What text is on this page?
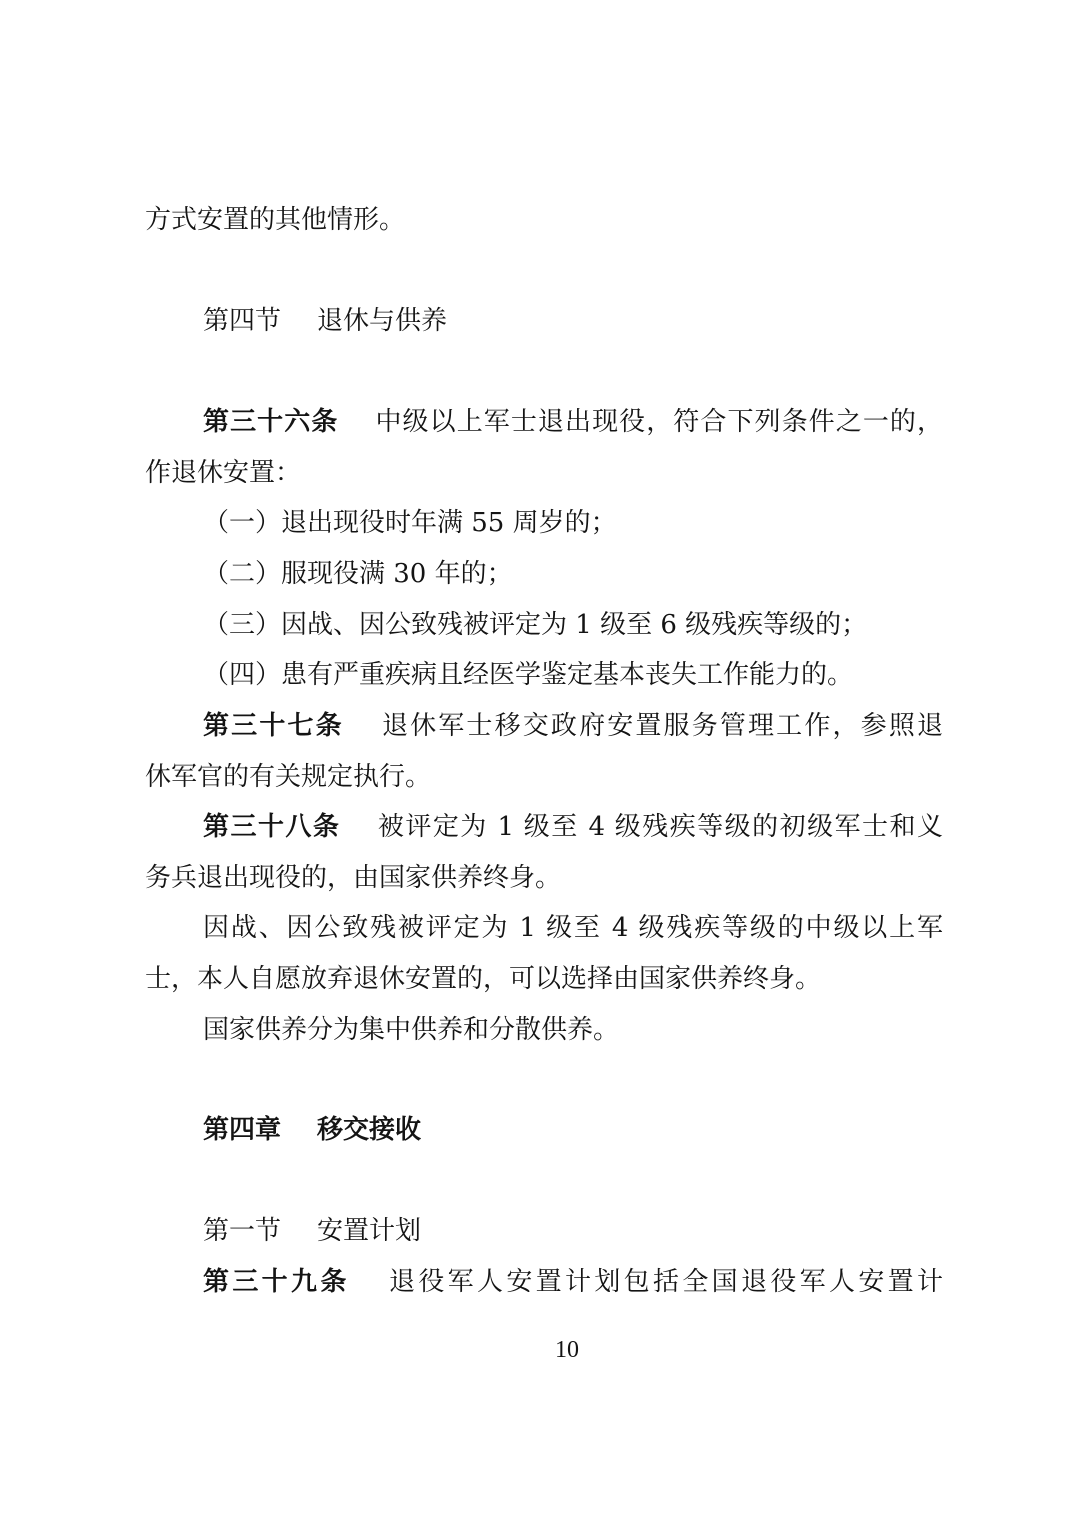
方式安置的其他情形。
第四节 退休与供养
第三十六条 中级以上军士退出现役，符合下列条件之一的，
作退休安置：
（一）退出现役时年满 55 周岁的；
（二）服现役满 30 年的；
（三）因战、因公致残被评定为 1 级至 6 级残疾等级的；
（四）患有严重疾病且经医学鉴定基本丧失工作能力的。
第三十七条 退休军士移交政府安置服务管理工作，参照退
休军官的有关规定执行。
第三十八条 被评定为 1 级至 4 级残疾等级的初级军士和义
务兵退出现役的，由国家供养终身。
因战、因公致残被评定为 1 级至 4 级残疾等级的中级以上军
士，本人自愿放弃退休安置的，可以选择由国家供养终身。
国家供养分为集中供养和分散供养。
第四章 移交接收
第一节 安置计划
第三十九条 退役军人安置计划包括全国退役军人安置计
10
